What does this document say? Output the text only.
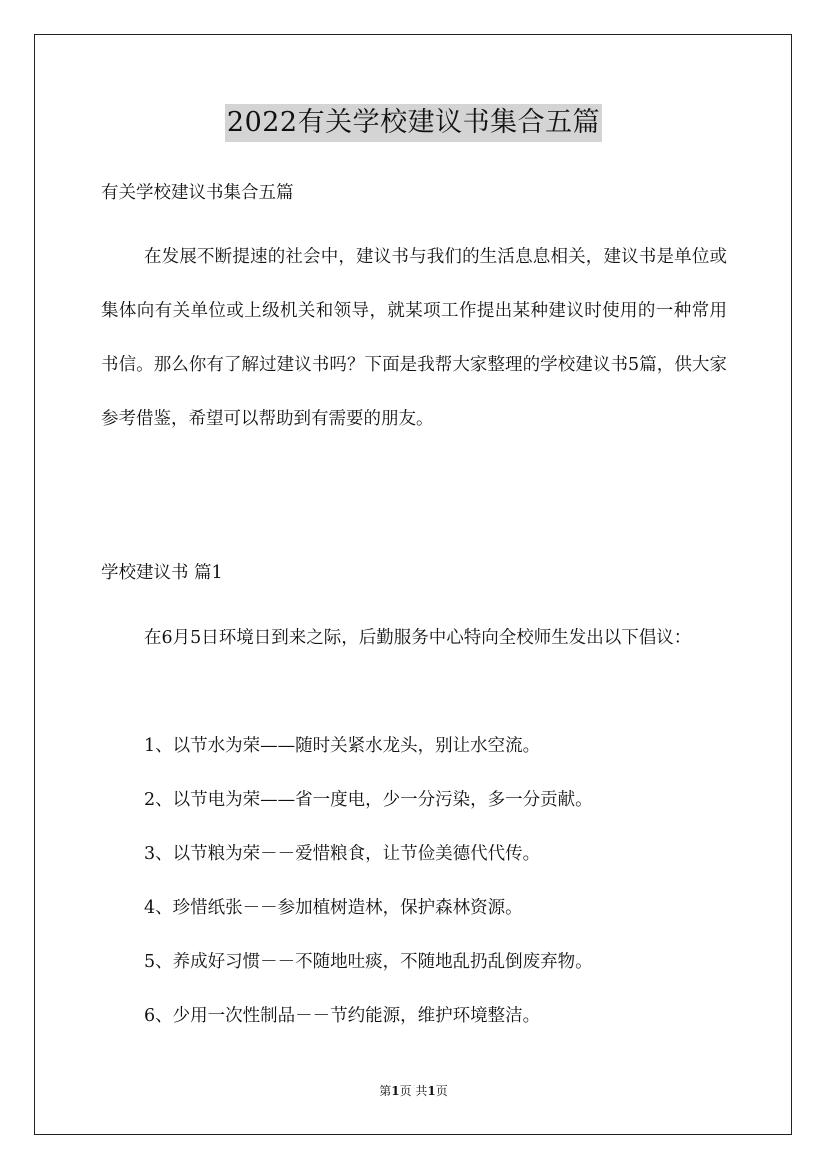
2022有关学校建议书集合五篇
有关学校建议书集合五篇

在发展不断提速的社会中，建议书与我们的生活息息相关，建议书是单位或集体向有关单位或上级机关和领导，就某项工作提出某种建议时使用的一种常用书信。那么你有了解过建议书吗？下面是我帮大家整理的学校建议书5篇，供大家参考借鉴，希望可以帮助到有需要的朋友。

学校建议书 篇1

在6月5日环境日到来之际，后勤服务中心特向全校师生发出以下倡议：

1、以节水为荣——随时关紧水龙头，别让水空流。
2、以节电为荣——省一度电，少一分污染，多一分贡献。
3、以节粮为荣－－爱惜粮食，让节俭美德代代传。
4、珍惜纸张－－参加植树造林，保护森林资源。
5、养成好习惯－－不随地吐痰，不随地乱扔乱倒废弃物。
6、少用一次性制品－－节约能源，维护环境整洁。
第1页 共1页
